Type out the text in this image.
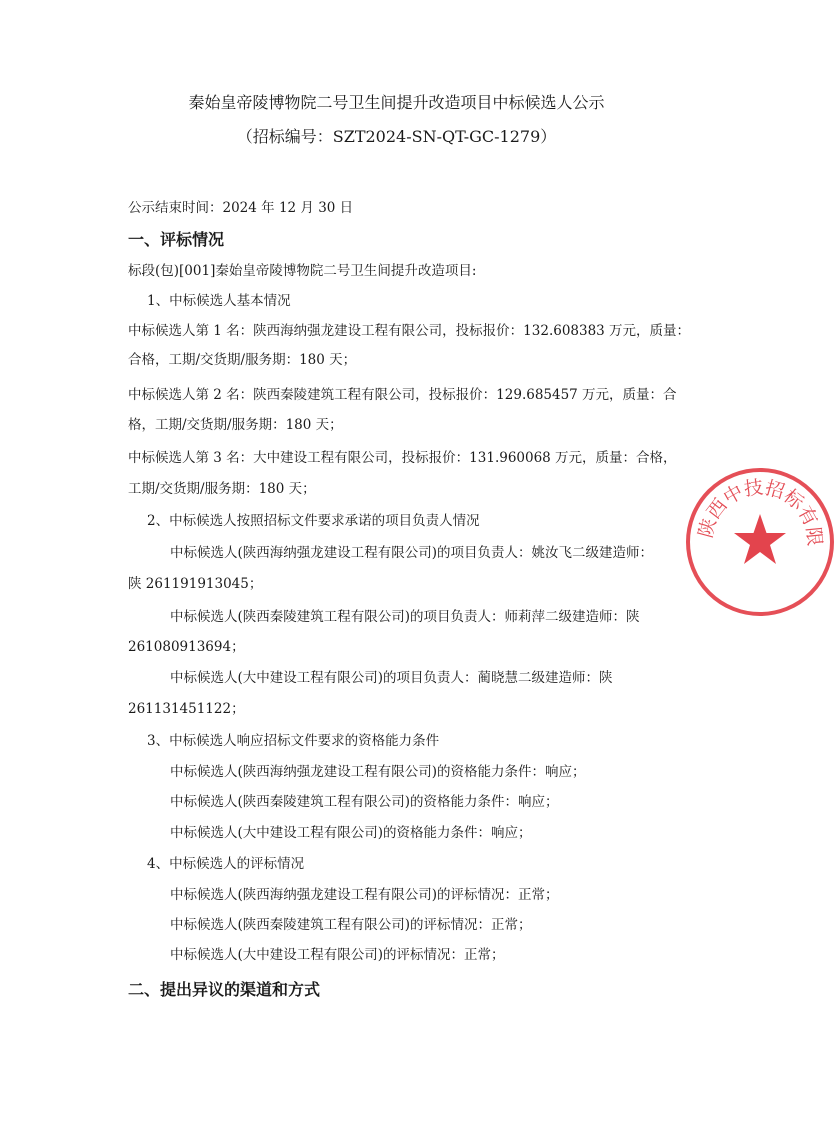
秦始皇帝陵博物院二号卫生间提升改造项目中标候选人公示
（招标编号：SZT2024-SN-QT-GC-1279）
公示结束时间：2024 年 12 月 30 日
一、评标情况
标段(包)[001]秦始皇帝陵博物院二号卫生间提升改造项目:
1、中标候选人基本情况
中标候选人第 1 名：陕西海纳强龙建设工程有限公司，投标报价：132.608383 万元，质量：
合格，工期/交货期/服务期：180 天；
中标候选人第 2 名：陕西秦陵建筑工程有限公司，投标报价：129.685457 万元，质量：合
格，工期/交货期/服务期：180 天；
中标候选人第 3 名：大中建设工程有限公司，投标报价：131.960068 万元，质量：合格，
工期/交货期/服务期：180 天；
2、中标候选人按照招标文件要求承诺的项目负责人情况
中标候选人(陕西海纳强龙建设工程有限公司)的项目负责人：姚汝飞二级建造师：
陕 261191913045；
中标候选人(陕西秦陵建筑工程有限公司)的项目负责人：师莉萍二级建造师：陕
261080913694；
中标候选人(大中建设工程有限公司)的项目负责人：蔺晓慧二级建造师：陕
261131451122；
3、中标候选人响应招标文件要求的资格能力条件
中标候选人(陕西海纳强龙建设工程有限公司)的资格能力条件：响应；
中标候选人(陕西秦陵建筑工程有限公司)的资格能力条件：响应；
中标候选人(大中建设工程有限公司)的资格能力条件：响应；
4、中标候选人的评标情况
中标候选人(陕西海纳强龙建设工程有限公司)的评标情况：正常；
中标候选人(陕西秦陵建筑工程有限公司)的评标情况：正常；
中标候选人(大中建设工程有限公司)的评标情况：正常；
二、提出异议的渠道和方式
陕西中技招标有限
